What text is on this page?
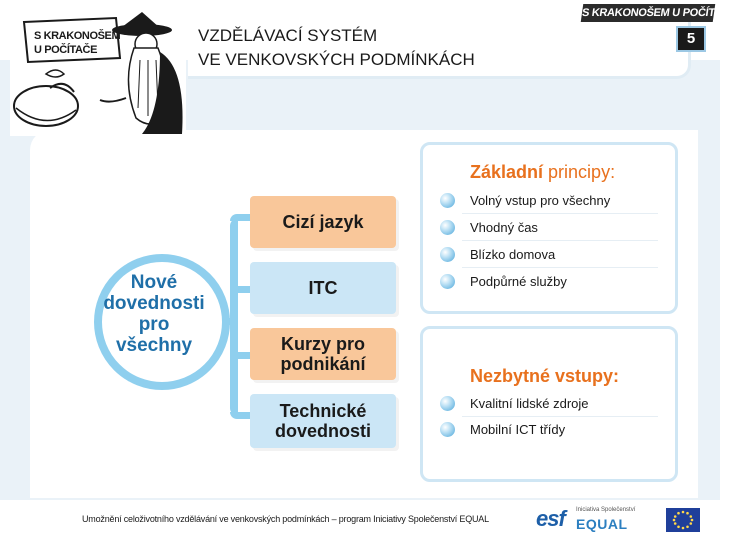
VZDĚLÁVACÍ SYSTÉM
VE VENKOVSKÝCH PODMÍNKÁCH
S KRAKONOŠEM U POČÍTAČE
5
S KRAKONOŠEM
U POČÍTAČE
Nové
dovednosti
pro
všechny
Cizí jazyk
ITC
Kurzy pro
podnikání
Technické
dovednosti
Základní principy:
Volný vstup pro všechny
Vhodný čas
Blízko domova
Podpůrné služby
Nezbytné vstupy:
Kvalitní lidské zdroje
Mobilní ICT třídy
Umožnění celoživotního vzdělávání ve venkovských podmínkách – program Iniciativy Společenství EQUAL esf Iniciativa Společenství
EQUAL
